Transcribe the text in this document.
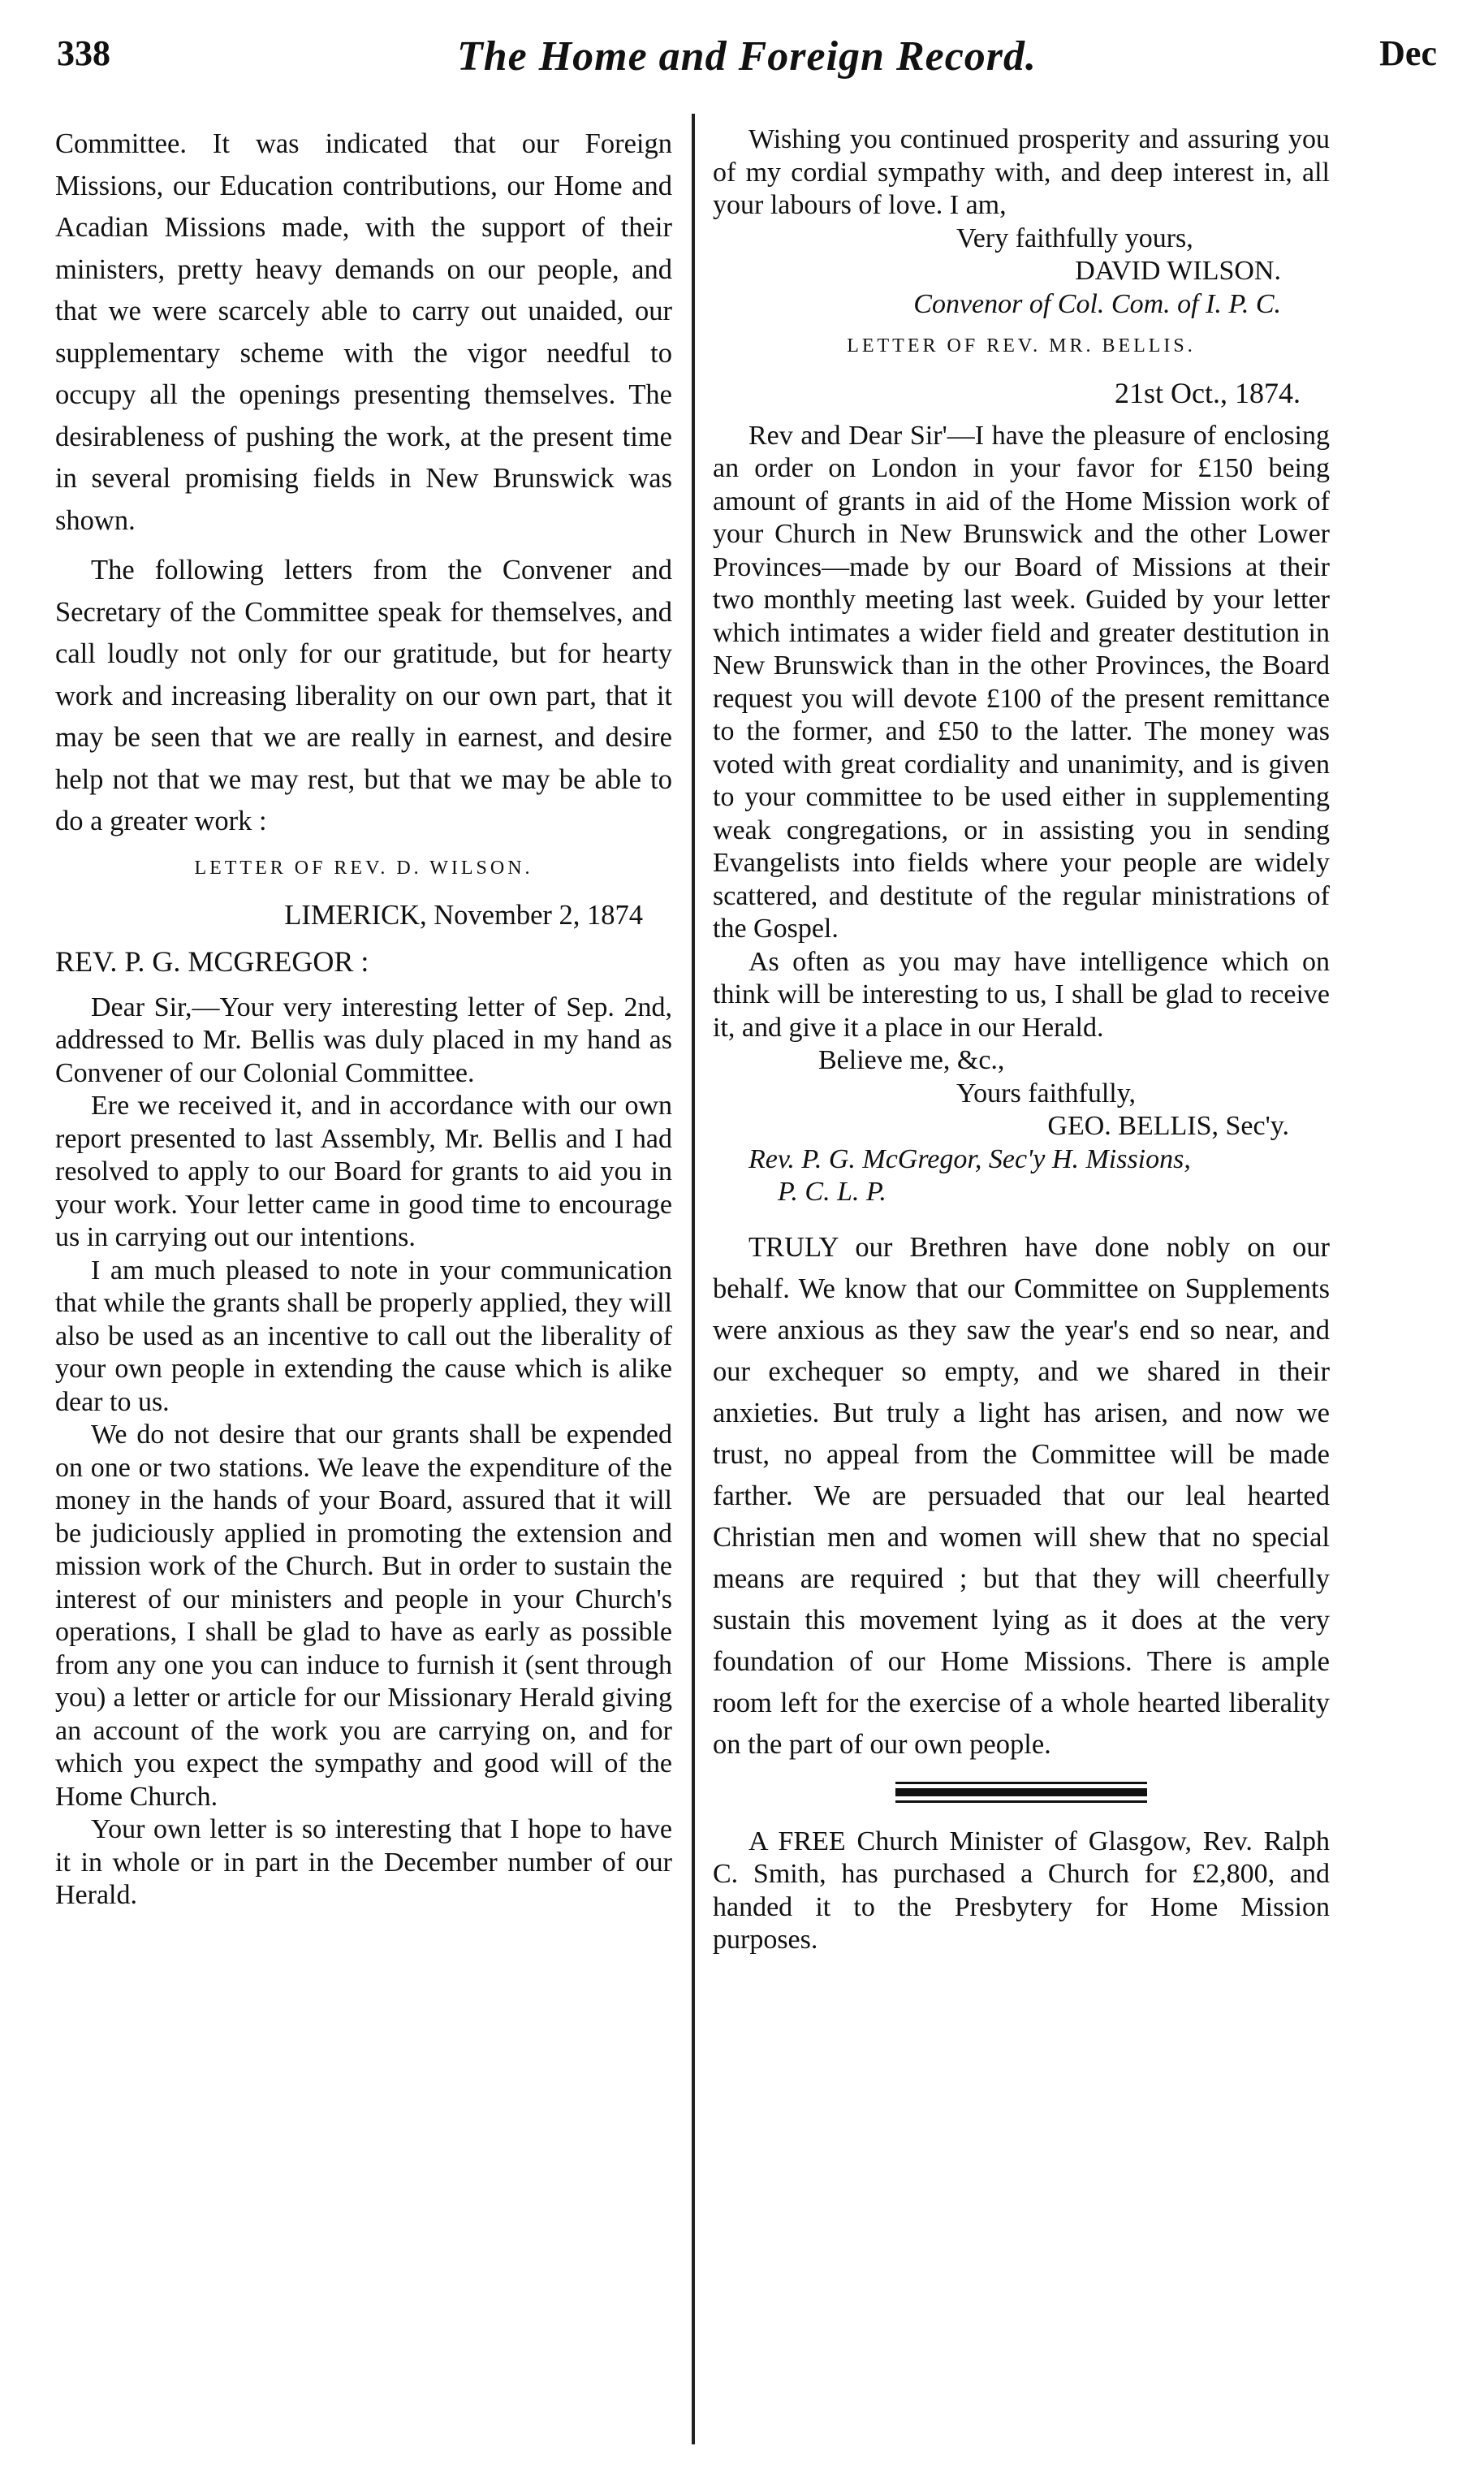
338	The Home and Foreign Record.	Dec

Committee. It was indicated that our Foreign Missions, our Education contributions, our Home and Acadian Missions made, with the support of their ministers, pretty heavy demands on our people, and that we were scarcely able to carry out unaided, our supplementary scheme with the vigor needful to occupy all the openings presenting themselves. The desirableness of pushing the work, at the present time in several promising fields in New Brunswick was shown.

The following letters from the Convener and Secretary of the Committee speak for themselves, and call loudly not only for our gratitude, but for hearty work and increasing liberality on our own part, that it may be seen that we are really in earnest, and desire help not that we may rest, but that we may be able to do a greater work :

LETTER OF REV. D. WILSON.

LIMERICK, November 2, 1874

REV. P. G. MCGREGOR :

Dear Sir,—Your very interesting letter of Sep. 2nd, addressed to Mr. Bellis was duly placed in my hand as Convener of our Colonial Committee.

Ere we received it, and in accordance with our own report presented to last Assembly, Mr. Bellis and I had resolved to apply to our Board for grants to aid you in your work. Your letter came in good time to encourage us in carrying out our intentions.

I am much pleased to note in your communication that while the grants shall be properly applied, they will also be used as an incentive to call out the liberality of your own people in extending the cause which is alike dear to us.

We do not desire that our grants shall be expended on one or two stations. We leave the expenditure of the money in the hands of your Board, assured that it will be judiciously applied in promoting the extension and mission work of the Church. But in order to sustain the interest of our ministers and people in your Church's operations, I shall be glad to have as early as possible from any one you can induce to furnish it (sent through you) a letter or article for our Missionary Herald giving an account of the work you are carrying on, and for which you expect the sympathy and good will of the Home Church.

Your own letter is so interesting that I hope to have it in whole or in part in the December number of our Herald.

Wishing you continued prosperity and assuring you of my cordial sympathy with, and deep interest in, all your labours of love. I am,

Very faithfully yours,

DAVID WILSON.

Convenor of Col. Com. of I. P. C.

LETTER OF REV. MR. BELLIS.

21st Oct., 1874.

Rev and Dear Sir'—I have the pleasure of enclosing an order on London in your favor for £150 being amount of grants in aid of the Home Mission work of your Church in New Brunswick and the other Lower Provinces—made by our Board of Missions at their two monthly meeting last week. Guided by your letter which intimates a wider field and greater destitution in New Brunswick than in the other Provinces, the Board request you will devote £100 of the present remittance to the former, and £50 to the latter. The money was voted with great cordiality and unanimity, and is given to your committee to be used either in supplementing weak congregations, or in assisting you in sending Evangelists into fields where your people are widely scattered, and destitute of the regular ministrations of the Gospel.

As often as you may have intelligence which on think will be interesting to us, I shall be glad to receive it, and give it a place in our Herald.

Believe me, &c.,

Yours faithfully,

GEO. BELLIS, Sec'y.

Rev. P. G. McGregor, Sec'y H. Missions,

P. C. L. P.

TRULY our Brethren have done nobly on our behalf. We know that our Committee on Supplements were anxious as they saw the year's end so near, and our exchequer so empty, and we shared in their anxieties. But truly a light has arisen, and now we trust, no appeal from the Committee will be made farther. We are persuaded that our leal hearted Christian men and women will shew that no special means are required ; but that they will cheerfully sustain this movement lying as it does at the very foundation of our Home Missions. There is ample room left for the exercise of a whole hearted liberality on the part of our own people.

A FREE Church Minister of Glasgow, Rev. Ralph C. Smith, has purchased a Church for £2,800, and handed it to the Presbytery for Home Mission purposes.
